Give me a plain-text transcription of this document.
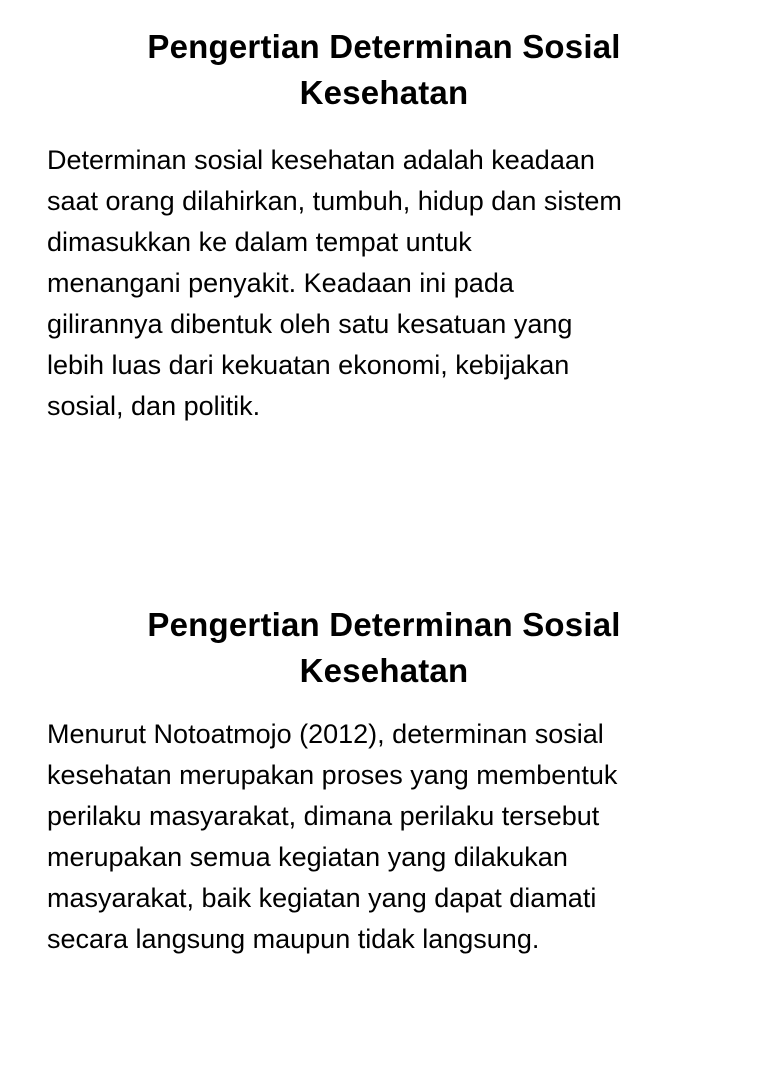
Pengertian Determinan Sosial
Kesehatan

Determinan sosial kesehatan adalah keadaan
saat orang dilahirkan, tumbuh, hidup dan sistem
dimasukkan ke dalam tempat untuk
menangani penyakit. Keadaan ini pada
gilirannya dibentuk oleh satu kesatuan yang
lebih luas dari kekuatan ekonomi, kebijakan
sosial, dan politik.

Pengertian Determinan Sosial
Kesehatan

Menurut Notoatmojo (2012), determinan sosial
kesehatan merupakan proses yang membentuk
perilaku masyarakat, dimana perilaku tersebut
merupakan semua kegiatan yang dilakukan
masyarakat, baik kegiatan yang dapat diamati
secara langsung maupun tidak langsung.
